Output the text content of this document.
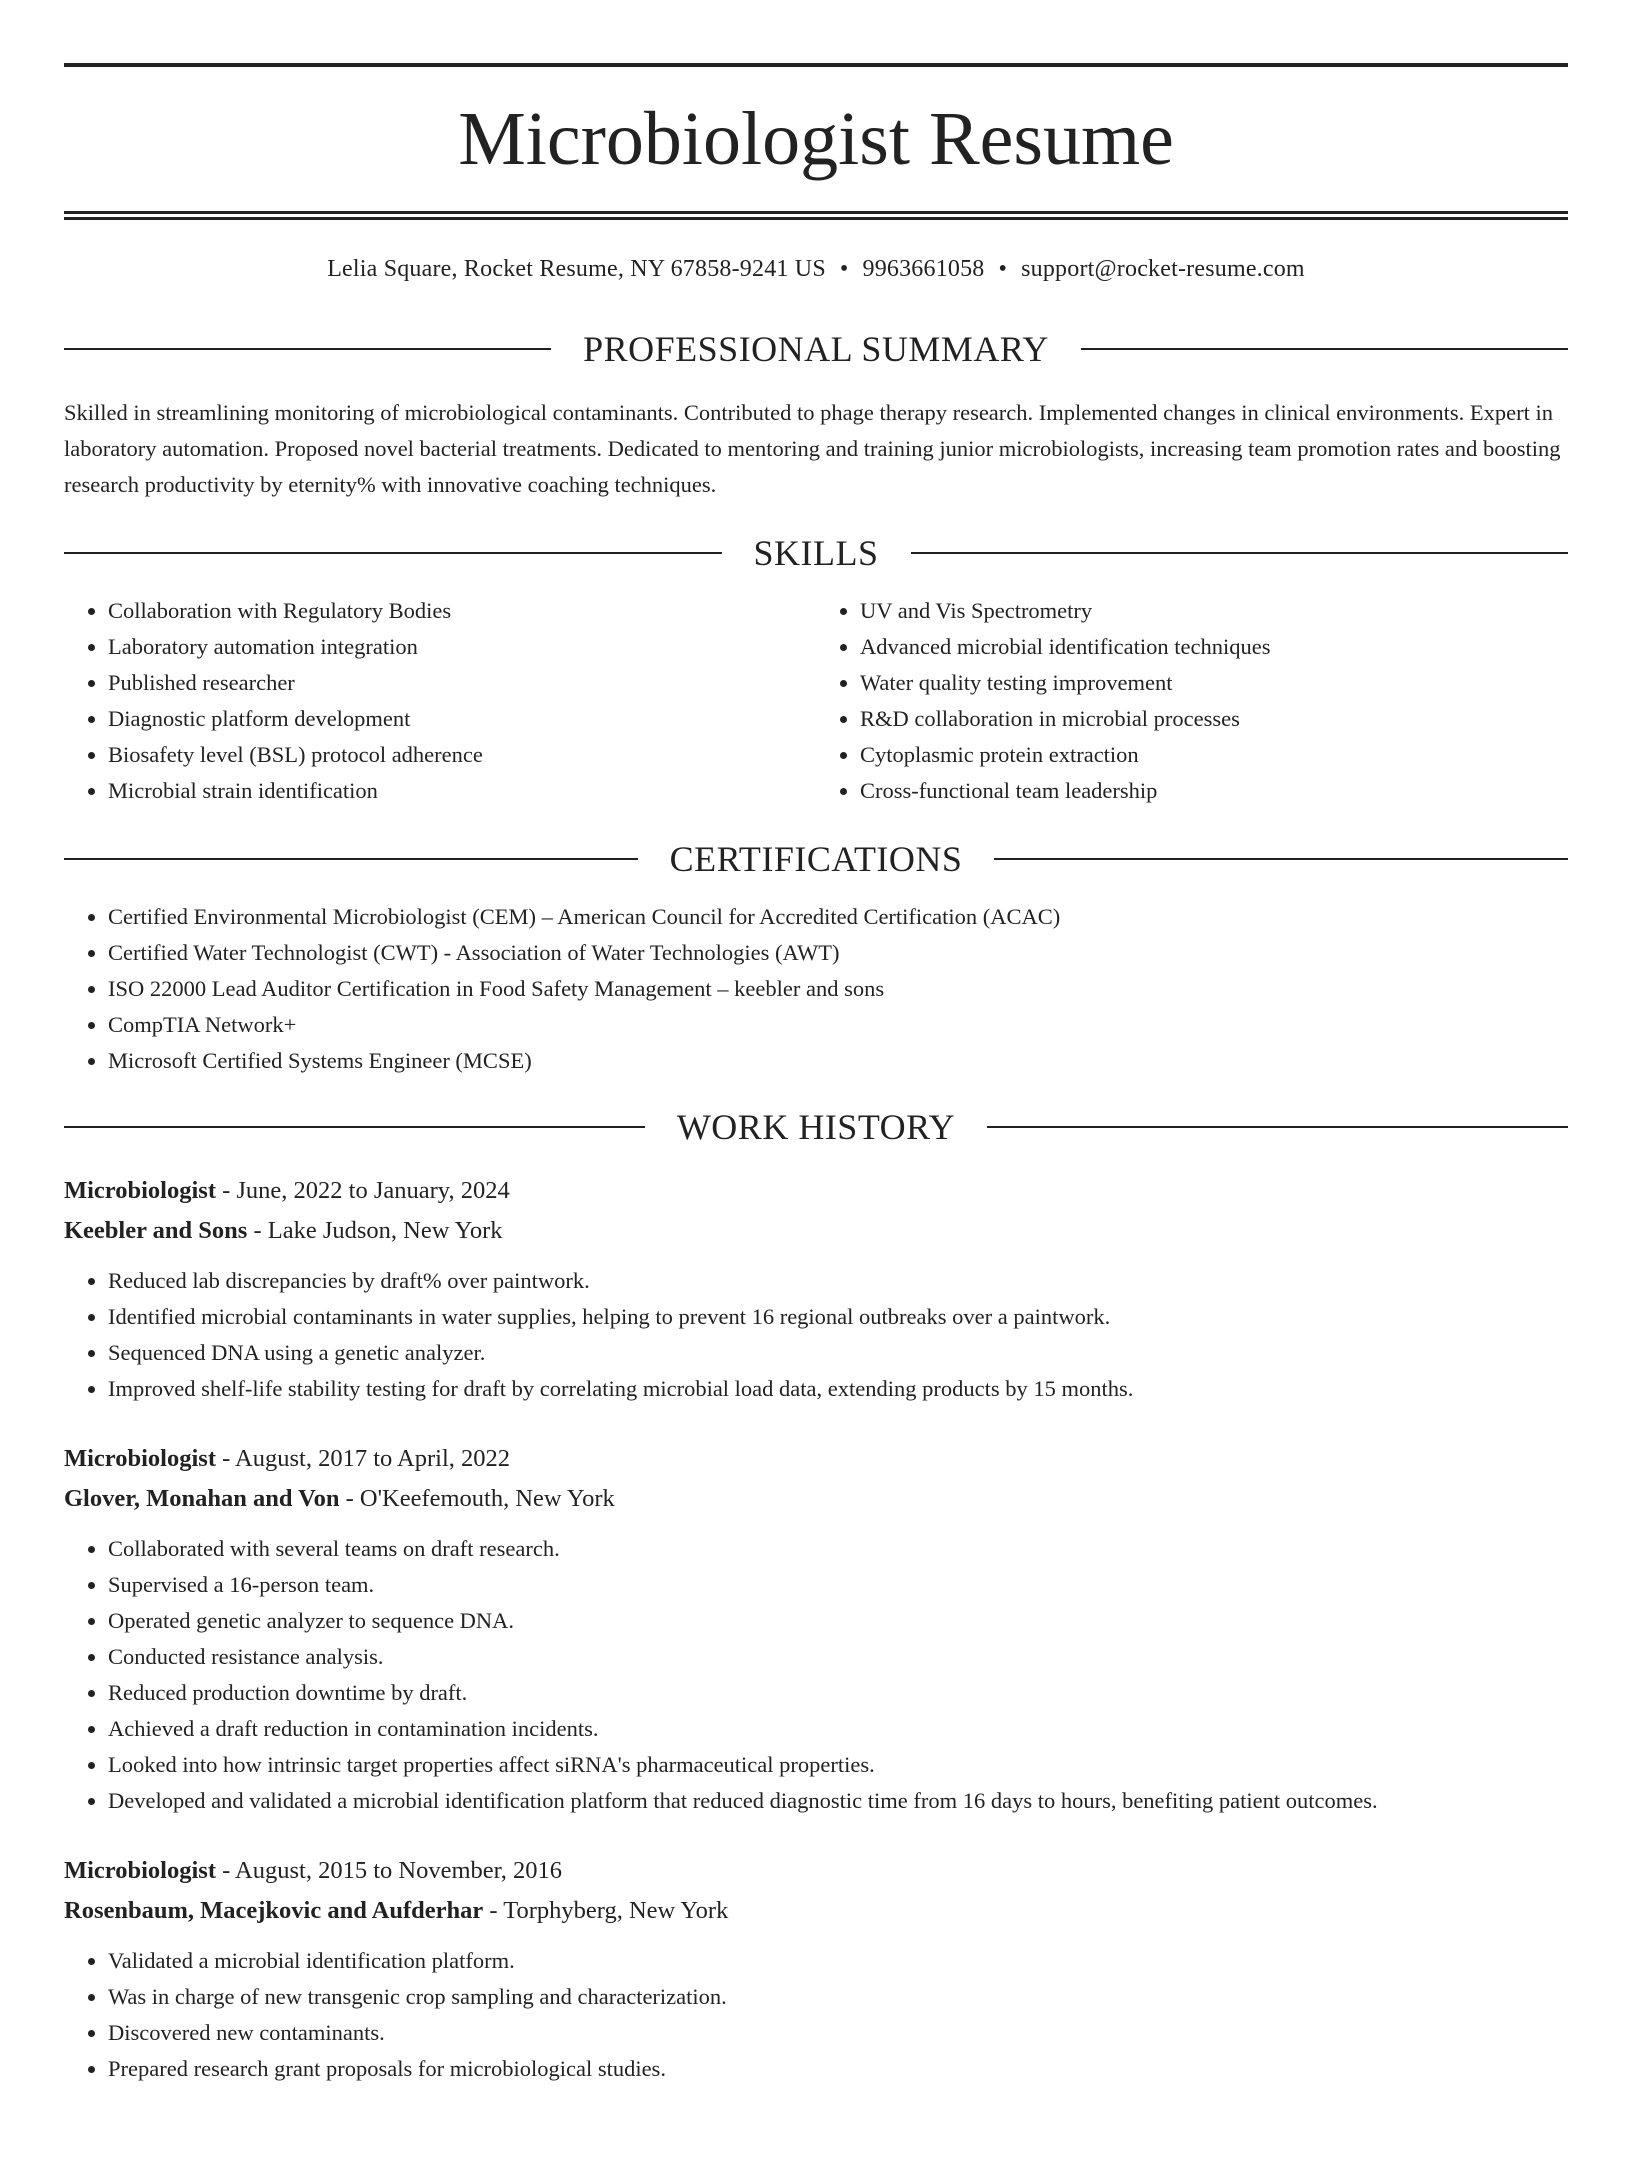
Microbiologist Resume
Lelia Square, Rocket Resume, NY 67858-9241 US • 9963661058 • support@rocket-resume.com
PROFESSIONAL SUMMARY

Skilled in streamlining monitoring of microbiological contaminants. Contributed to phage therapy research. Implemented changes in clinical environments. Expert in laboratory automation. Proposed novel bacterial treatments. Dedicated to mentoring and training junior microbiologists, increasing team promotion rates and boosting research productivity by eternity% with innovative coaching techniques.

SKILLS
• Collaboration with Regulatory Bodies
• Laboratory automation integration
• Published researcher
• Diagnostic platform development
• Biosafety level (BSL) protocol adherence
• Microbial strain identification
• UV and Vis Spectrometry
• Advanced microbial identification techniques
• Water quality testing improvement
• R&D collaboration in microbial processes
• Cytoplasmic protein extraction
• Cross-functional team leadership
CERTIFICATIONS
• Certified Environmental Microbiologist (CEM) – American Council for Accredited Certification (ACAC)
• Certified Water Technologist (CWT) - Association of Water Technologies (AWT)
• ISO 22000 Lead Auditor Certification in Food Safety Management – keebler and sons
• CompTIA Network+
• Microsoft Certified Systems Engineer (MCSE)
WORK HISTORY
Microbiologist - June, 2022 to January, 2024
Keebler and Sons - Lake Judson, New York
• Reduced lab discrepancies by draft% over paintwork.
• Identified microbial contaminants in water supplies, helping to prevent 16 regional outbreaks over a paintwork.
• Sequenced DNA using a genetic analyzer.
• Improved shelf-life stability testing for draft by correlating microbial load data, extending products by 15 months.
Microbiologist - August, 2017 to April, 2022
Glover, Monahan and Von - O'Keefemouth, New York
• Collaborated with several teams on draft research.
• Supervised a 16-person team.
• Operated genetic analyzer to sequence DNA.
• Conducted resistance analysis.
• Reduced production downtime by draft.
• Achieved a draft reduction in contamination incidents.
• Looked into how intrinsic target properties affect siRNA's pharmaceutical properties.
• Developed and validated a microbial identification platform that reduced diagnostic time from 16 days to hours, benefiting patient outcomes.
Microbiologist - August, 2015 to November, 2016
Rosenbaum, Macejkovic and Aufderhar - Torphyberg, New York
• Validated a microbial identification platform.
• Was in charge of new transgenic crop sampling and characterization.
• Discovered new contaminants.
• Prepared research grant proposals for microbiological studies.
